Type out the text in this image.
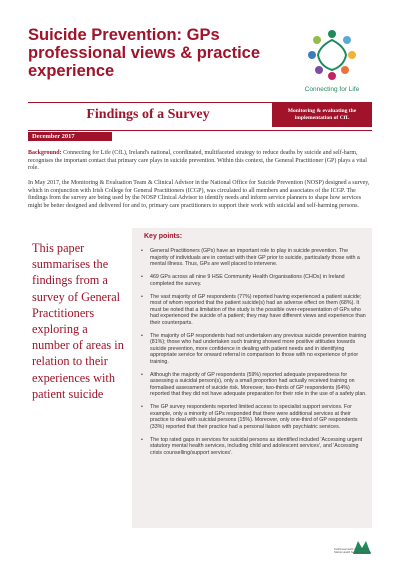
Suicide Prevention: GPs professional views & practice experience
Connecting for Life
Findings of a Survey	Monitoring & evaluating the implementation of CfL
December 2017

Background: Connecting for Life (CfL), Ireland's national, coordinated, multifaceted strategy to reduce deaths by suicide and self-harm, recognises the important contact that primary care plays in suicide prevention. Within this context, the General Practitioner (GP) plays a vital role.

In May 2017, the Monitoring & Evaluation Team & Clinical Advisor in the National Office for Suicide Prevention (NOSP) designed a survey, which in conjunction with Irish College for General Practitioners (ICGP), was circulated to all members and associates of the ICGP. The findings from the survey are being used by the NOSP Clinical Advisor to identify needs and inform service planners to shape how services might be better designed and delivered for and to, primary care practitioners to support their work with suicidal and self-harming persons.

This paper summarises the findings from a survey of General Practitioners exploring a number of areas in relation to their experiences with patient suicide

Key points:
• General Practitioners (GPs) have an important role to play in suicide prevention. The majority of individuals are in contact with their GP prior to suicide, particularly those with a mental illness. Thus, GPs are well placed to intervene.
• 469 GPs across all nine 9 HSE Community Health Organisations (CHOs) in Ireland completed the survey.
• The vast majority of GP respondents (77%) reported having experienced a patient suicide; most of whom reported that the patient suicide(s) had an adverse effect on them (68%). It must be noted that a limitation of the study is the possible over-representation of GPs who had experienced the suicide of a patient; they may have different views and experience than their counterparts.
• The majority of GP respondents had not undertaken any previous suicide prevention training (81%); those who had undertaken such training showed more positive attitudes towards suicide prevention, more confidence in dealing with patient needs and in identifying appropriate service for onward referral in comparison to those with no experience of prior training.
• Although the majority of GP respondents (59%) reported adequate preparedness for assessing a suicidal person(s), only a small proportion had actually received training on formalised assessment of suicide risk. Moreover, two-thirds of GP respondents (64%) reported that they did not have adequate preparation for their role in the use of a safety plan.
• The GP survey respondents reported limited access to specialist support services. For example, only a minority of GPs responded that there were additional services at their practice to deal with suicidal persons (15%). Moreover, only one-third of GP respondents (33%) reported that their practice had a personal liaison with psychiatric services.
• The top rated gaps in services for suicidal persons as identified included 'Accessing urgent statutory mental health services, including child and adolescent services', and 'Accessing crisis counselling/support services'.
Feidhmeannacht na Seirbhíse Sláinte Health Service Executive
